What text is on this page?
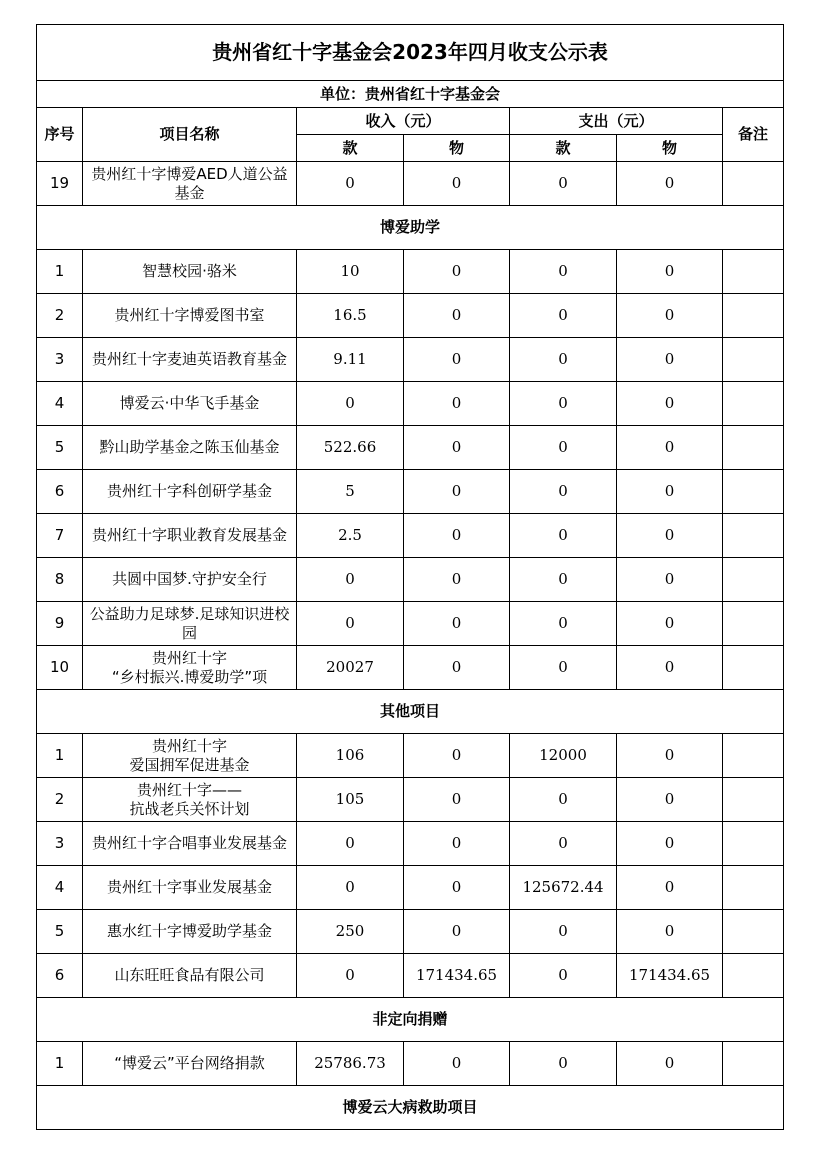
贵州省红十字基金会2023年四月收支公示表						
单位：贵州省红十字基金会						
序号	项目名称	收入（元）		支出（元）		备注
		款	物	款	物	
19	贵州红十字博爱AED人道公益基金	0	0	0	0	
博爱助学						
1	智慧校园·骆米	10	0	0	0	
2	贵州红十字博爱图书室	16.5	0	0	0	
3	贵州红十字麦迪英语教育基金	9.11	0	0	0	
4	博爱云·中华飞手基金	0	0	0	0	
5	黔山助学基金之陈玉仙基金	522.66	0	0	0	
6	贵州红十字科创研学基金	5	0	0	0	
7	贵州红十字职业教育发展基金	2.5	0	0	0	
8	共圆中国梦.守护安全行	0	0	0	0	
9	公益助力足球梦.足球知识进校园	0	0	0	0	
10	贵州红十字
“乡村振兴.博爱助学”项	20027	0	0	0	
其他项目						
1	贵州红十字
爱国拥军促进基金	106	0	12000	0	
2	贵州红十字——
抗战老兵关怀计划	105	0	0	0	
3	贵州红十字合唱事业发展基金	0	0	0	0	
4	贵州红十字事业发展基金	0	0	125672.44	0	
5	惠水红十字博爱助学基金	250	0	0	0	
6	山东旺旺食品有限公司	0	171434.65	0	171434.65	
非定向捐赠						
1	“博爱云”平台网络捐款	25786.73	0	0	0	
博爱云大病救助项目						
